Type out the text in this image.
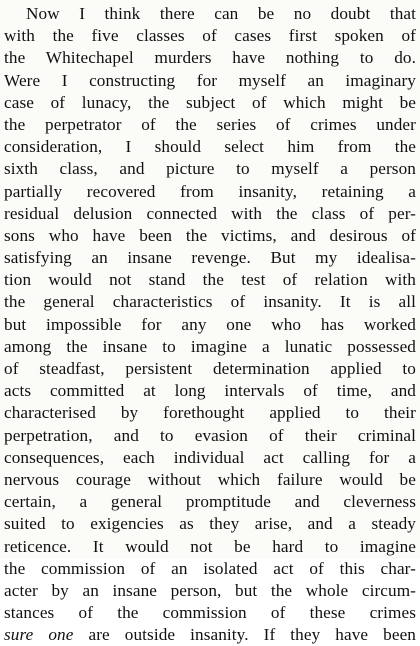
Now I think there can be no doubt that
with the five classes of cases first spoken of
the Whitechapel murders have nothing to do.
Were I constructing for myself an imaginary
case of lunacy, the subject of which might be
the perpetrator of the series of crimes under
consideration, I should select him from the
sixth class, and picture to myself a person
partially recovered from insanity, retaining a
residual delusion connected with the class of per-
sons who have been the victims, and desirous of
satisfying an insane revenge. But my idealisa-
tion would not stand the test of relation with
the general characteristics of insanity. It is all
but impossible for any one who has worked
among the insane to imagine a lunatic possessed
of steadfast, persistent determination applied to
acts committed at long intervals of time, and
characterised by forethought applied to their
perpetration, and to evasion of their criminal
consequences, each individual act calling for a
nervous courage without which failure would be
certain, a general promptitude and cleverness
suited to exigencies as they arise, and a steady
reticence. It would not be hard to imagine
the commission of an isolated act of this char-
acter by an insane person, but the whole circum-
stances of the commission of these crimes
sure one are outside insanity. If they have been
